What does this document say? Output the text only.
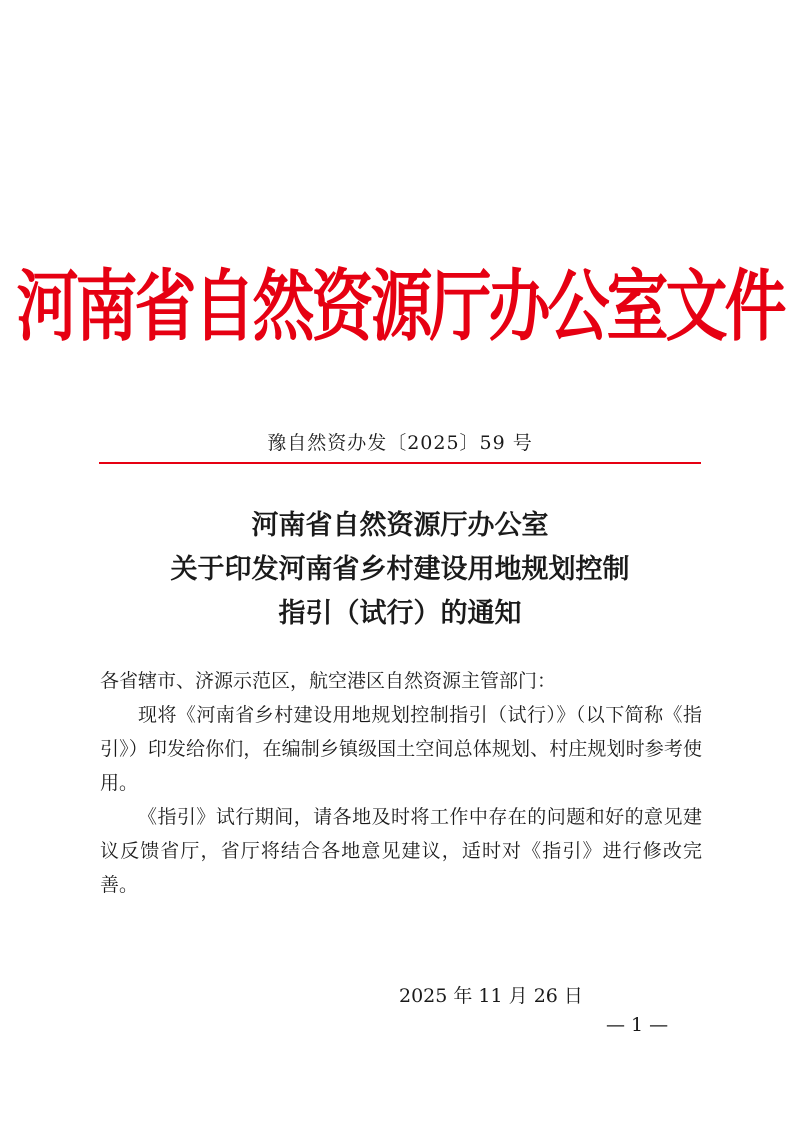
河南省自然资源厅办公室文件
豫自然资办发〔2025〕59 号
河南省自然资源厅办公室
关于印发河南省乡村建设用地规划控制
指引（试行）的通知

各省辖市、济源示范区，航空港区自然资源主管部门：

现将《河南省乡村建设用地规划控制指引（试行）》（以下简称《指引》）印发给你们，在编制乡镇级国土空间总体规划、村庄规划时参考使用。

《指引》试行期间，请各地及时将工作中存在的问题和好的意见建议反馈省厅，省厅将结合各地意见建议，适时对《指引》进行修改完善。

2025 年 11 月 26 日
— 1 —
